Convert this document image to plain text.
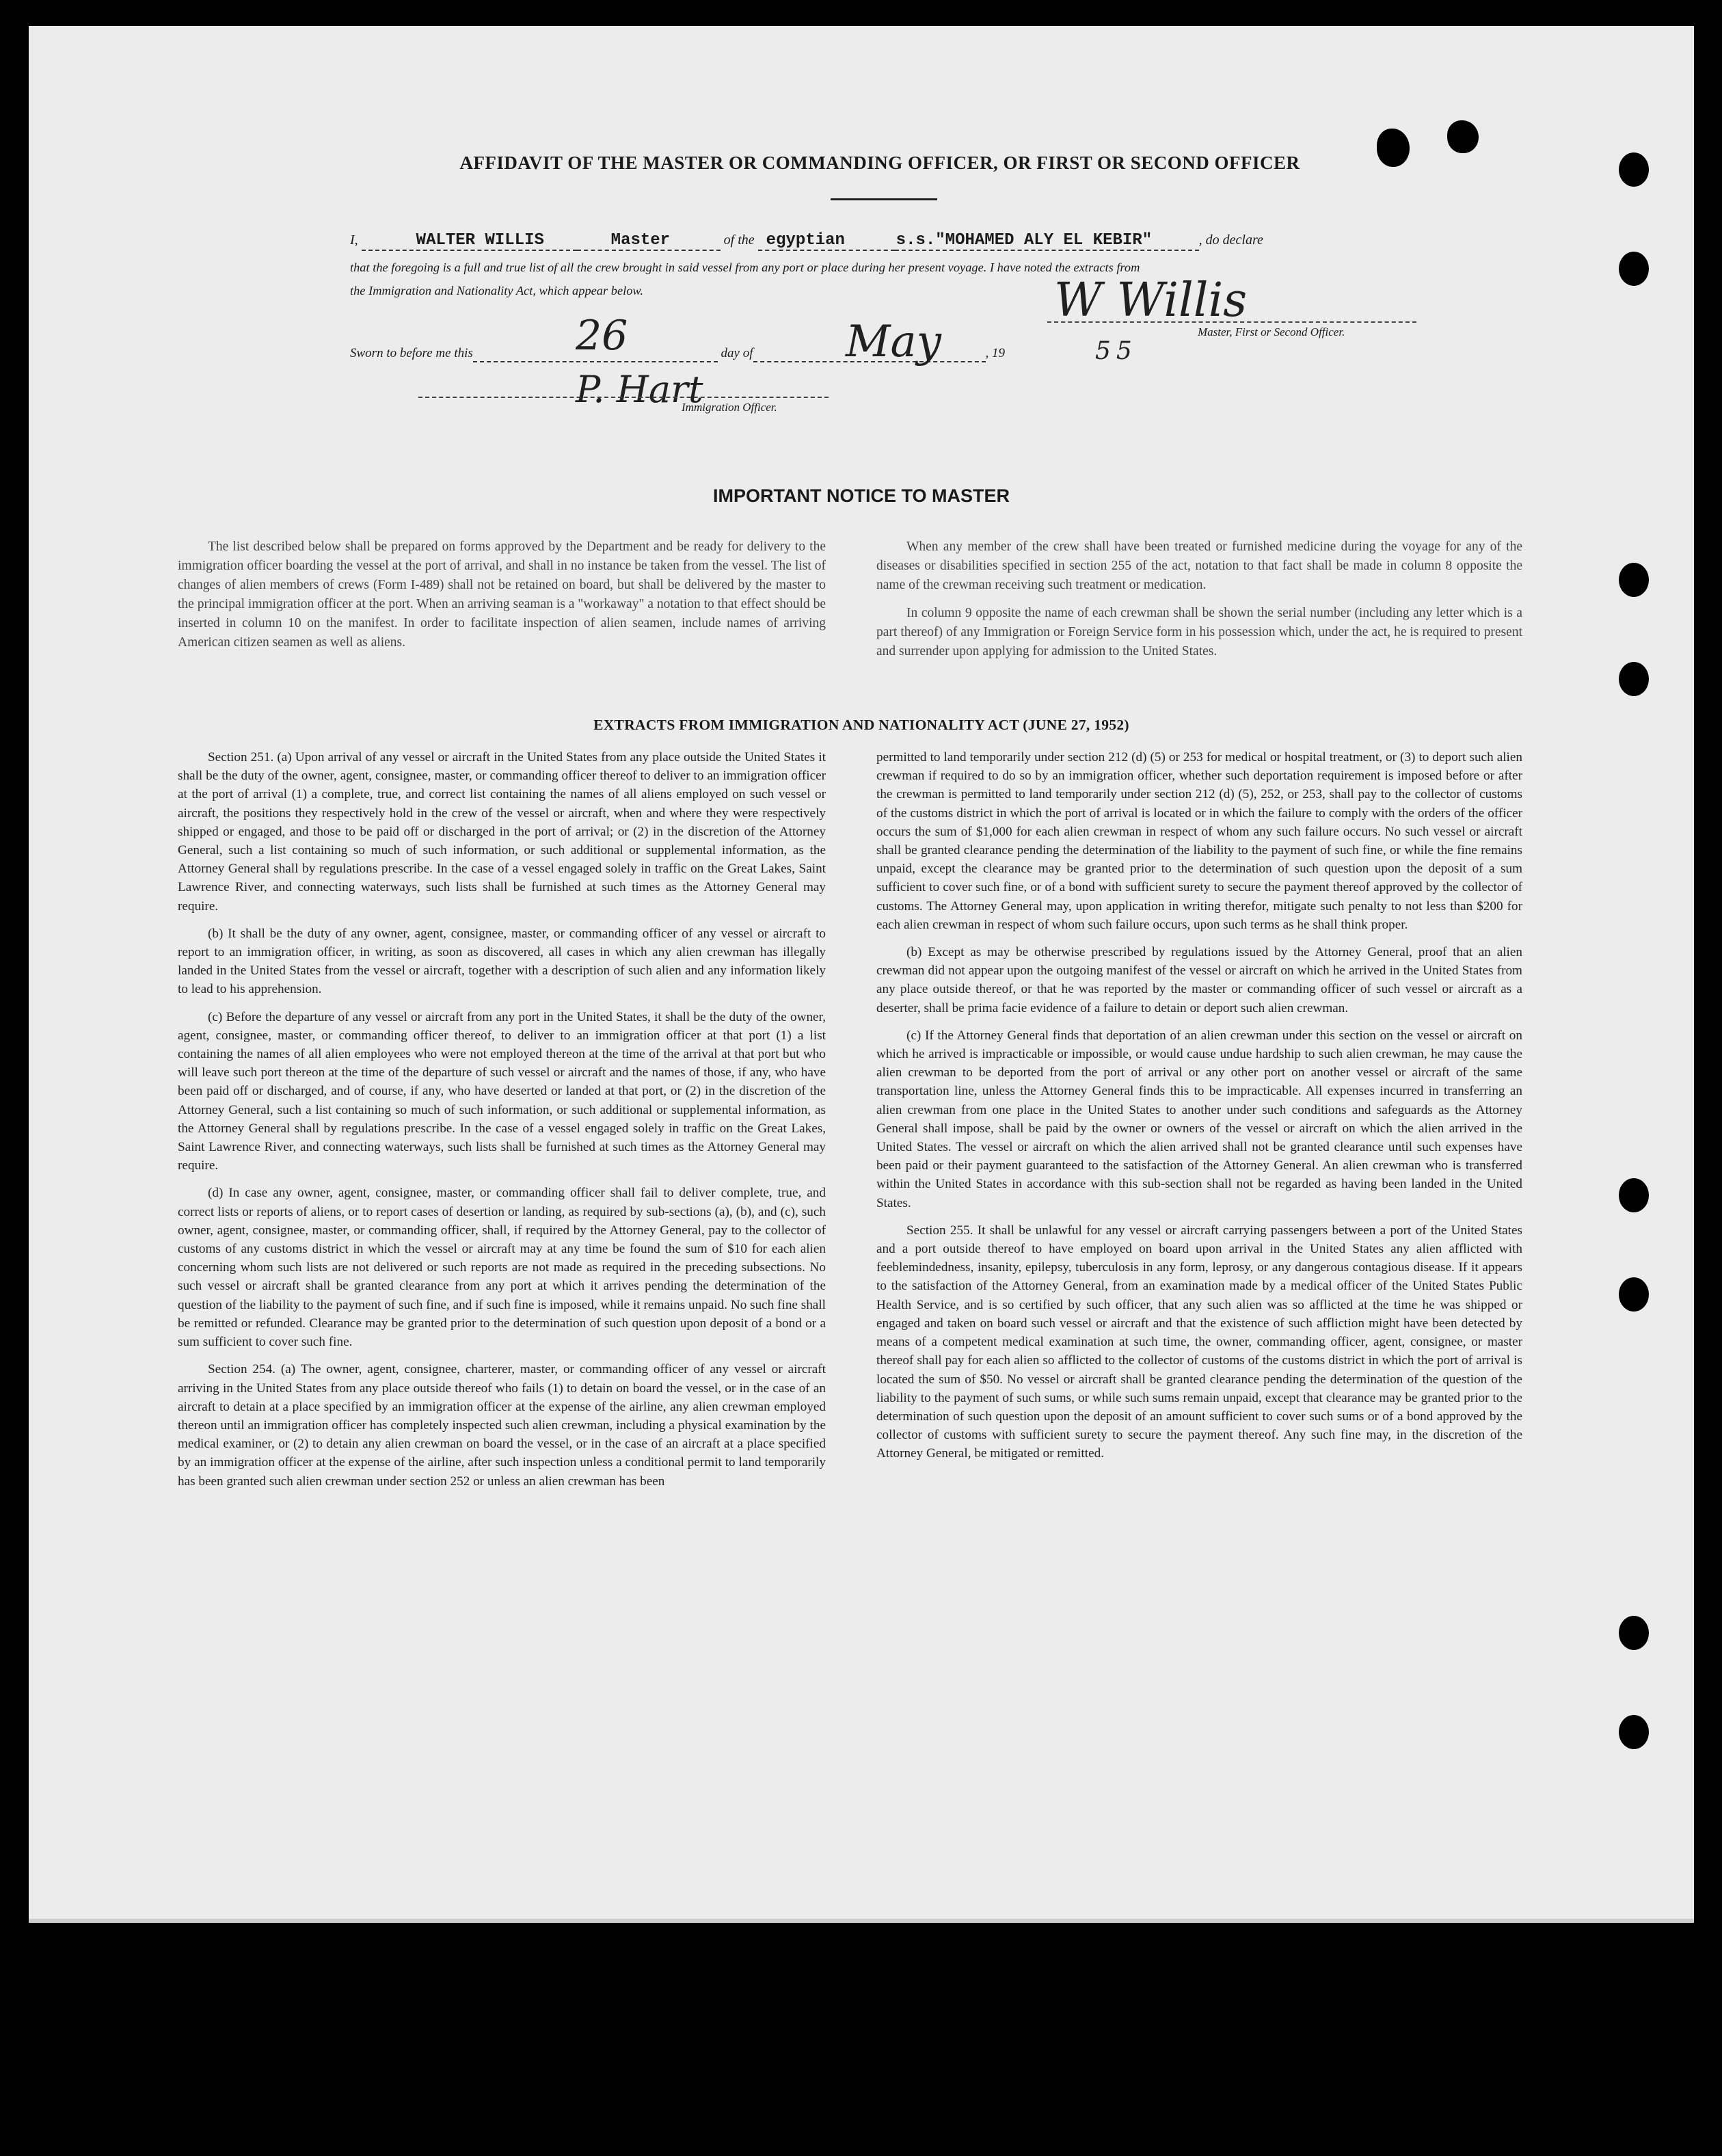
AFFIDAVIT OF THE MASTER OR COMMANDING OFFICER, OR FIRST OR SECOND OFFICER
I,	WALTER WILLIS	Master	of the egyptian	s.s."MOHAMED ALY EL KEBIR"	, do declare
that the foregoing is a full and true list of all the crew brought in said vessel from any port or place during her present voyage. I have noted the extracts from
the Immigration and Nationality Act, which appear below.	W Willis
Master, First or Second Officer.
Sworn to before me this	day of	, 19
26	May	55
P. Hart
Immigration Officer.
IMPORTANT NOTICE TO MASTER

The list described below shall be prepared on forms approved by the Department and be ready for delivery to the immigration officer boarding the vessel at the port of arrival, and shall in no instance be taken from the vessel. The list of changes of alien members of crews (Form I-489) shall not be retained on board, but shall be delivered by the master to the principal immigration officer at the port. When an arriving seaman is a "workaway" a notation to that effect should be inserted in column 10 on the manifest. In order to facilitate inspection of alien seamen, include names of arriving American citizen seamen as well as aliens.

When any member of the crew shall have been treated or furnished medicine during the voyage for any of the diseases or disabilities specified in section 255 of the act, notation to that fact shall be made in column 8 opposite the name of the crewman receiving such treatment or medication.

In column 9 opposite the name of each crewman shall be shown the serial number (including any letter which is a part thereof) of any Immigration or Foreign Service form in his possession which, under the act, he is required to present and surrender upon applying for admission to the United States.

EXTRACTS FROM IMMIGRATION AND NATIONALITY ACT (JUNE 27, 1952)

Section 251. (a) Upon arrival of any vessel or aircraft in the United States from any place outside the United States it shall be the duty of the owner, agent, consignee, master, or commanding officer thereof to deliver to an immigration officer at the port of arrival (1) a complete, true, and correct list containing the names of all aliens employed on such vessel or aircraft, the positions they respectively hold in the crew of the vessel or aircraft, when and where they were respectively shipped or engaged, and those to be paid off or discharged in the port of arrival; or (2) in the discretion of the Attorney General, such a list containing so much of such information, or such additional or supplemental information, as the Attorney General shall by regulations prescribe. In the case of a vessel engaged solely in traffic on the Great Lakes, Saint Lawrence River, and connecting waterways, such lists shall be furnished at such times as the Attorney General may require.

(b) It shall be the duty of any owner, agent, consignee, master, or commanding officer of any vessel or aircraft to report to an immigration officer, in writing, as soon as discovered, all cases in which any alien crewman has illegally landed in the United States from the vessel or aircraft, together with a description of such alien and any information likely to lead to his apprehension.

(c) Before the departure of any vessel or aircraft from any port in the United States, it shall be the duty of the owner, agent, consignee, master, or commanding officer thereof, to deliver to an immigration officer at that port (1) a list containing the names of all alien employees who were not employed thereon at the time of the arrival at that port but who will leave such port thereon at the time of the departure of such vessel or aircraft and the names of those, if any, who have been paid off or discharged, and of course, if any, who have deserted or landed at that port, or (2) in the discretion of the Attorney General, such a list containing so much of such information, or such additional or supplemental information, as the Attorney General shall by regulations prescribe. In the case of a vessel engaged solely in traffic on the Great Lakes, Saint Lawrence River, and connecting waterways, such lists shall be furnished at such times as the Attorney General may require.

(d) In case any owner, agent, consignee, master, or commanding officer shall fail to deliver complete, true, and correct lists or reports of aliens, or to report cases of desertion or landing, as required by sub-sections (a), (b), and (c), such owner, agent, consignee, master, or commanding officer, shall, if required by the Attorney General, pay to the collector of customs of any customs district in which the vessel or aircraft may at any time be found the sum of $10 for each alien concerning whom such lists are not delivered or such reports are not made as required in the preceding subsections. No such vessel or aircraft shall be granted clearance from any port at which it arrives pending the determination of the question of the liability to the payment of such fine, and if such fine is imposed, while it remains unpaid. No such fine shall be remitted or refunded. Clearance may be granted prior to the determination of such question upon deposit of a bond or a sum sufficient to cover such fine.

Section 254. (a) The owner, agent, consignee, charterer, master, or commanding officer of any vessel or aircraft arriving in the United States from any place outside thereof who fails (1) to detain on board the vessel, or in the case of an aircraft to detain at a place specified by an immigration officer at the expense of the airline, any alien crewman employed thereon until an immigration officer has completely inspected such alien crewman, including a physical examination by the medical examiner, or (2) to detain any alien crewman on board the vessel, or in the case of an aircraft at a place specified by an immigration officer at the expense of the airline, after such inspection unless a conditional permit to land temporarily has been granted such alien crewman under section 252 or unless an alien crewman has been

permitted to land temporarily under section 212 (d) (5) or 253 for medical or hospital treatment, or (3) to deport such alien crewman if required to do so by an immigration officer, whether such deportation requirement is imposed before or after the crewman is permitted to land temporarily under section 212 (d) (5), 252, or 253, shall pay to the collector of customs of the customs district in which the port of arrival is located or in which the failure to comply with the orders of the officer occurs the sum of $1,000 for each alien crewman in respect of whom any such failure occurs. No such vessel or aircraft shall be granted clearance pending the determination of the liability to the payment of such fine, or while the fine remains unpaid, except the clearance may be granted prior to the determination of such question upon the deposit of a sum sufficient to cover such fine, or of a bond with sufficient surety to secure the payment thereof approved by the collector of customs. The Attorney General may, upon application in writing therefor, mitigate such penalty to not less than $200 for each alien crewman in respect of whom such failure occurs, upon such terms as he shall think proper.

(b) Except as may be otherwise prescribed by regulations issued by the Attorney General, proof that an alien crewman did not appear upon the outgoing manifest of the vessel or aircraft on which he arrived in the United States from any place outside thereof, or that he was reported by the master or commanding officer of such vessel or aircraft as a deserter, shall be prima facie evidence of a failure to detain or deport such alien crewman.

(c) If the Attorney General finds that deportation of an alien crewman under this section on the vessel or aircraft on which he arrived is impracticable or impossible, or would cause undue hardship to such alien crewman, he may cause the alien crewman to be deported from the port of arrival or any other port on another vessel or aircraft of the same transportation line, unless the Attorney General finds this to be impracticable. All expenses incurred in transferring an alien crewman from one place in the United States to another under such conditions and safeguards as the Attorney General shall impose, shall be paid by the owner or owners of the vessel or aircraft on which the alien arrived in the United States. The vessel or aircraft on which the alien arrived shall not be granted clearance until such expenses have been paid or their payment guaranteed to the satisfaction of the Attorney General. An alien crewman who is transferred within the United States in accordance with this sub-section shall not be regarded as having been landed in the United States.

Section 255. It shall be unlawful for any vessel or aircraft carrying passengers between a port of the United States and a port outside thereof to have employed on board upon arrival in the United States any alien afflicted with feeblemindedness, insanity, epilepsy, tuberculosis in any form, leprosy, or any dangerous contagious disease. If it appears to the satisfaction of the Attorney General, from an examination made by a medical officer of the United States Public Health Service, and is so certified by such officer, that any such alien was so afflicted at the time he was shipped or engaged and taken on board such vessel or aircraft and that the existence of such affliction might have been detected by means of a competent medical examination at such time, the owner, commanding officer, agent, consignee, or master thereof shall pay for each alien so afflicted to the collector of customs of the customs district in which the port of arrival is located the sum of $50. No vessel or aircraft shall be granted clearance pending the determination of the question of the liability to the payment of such sums, or while such sums remain unpaid, except that clearance may be granted prior to the determination of such question upon the deposit of an amount sufficient to cover such sums or of a bond approved by the collector of customs with sufficient surety to secure the payment thereof. Any such fine may, in the discretion of the Attorney General, be mitigated or remitted.
